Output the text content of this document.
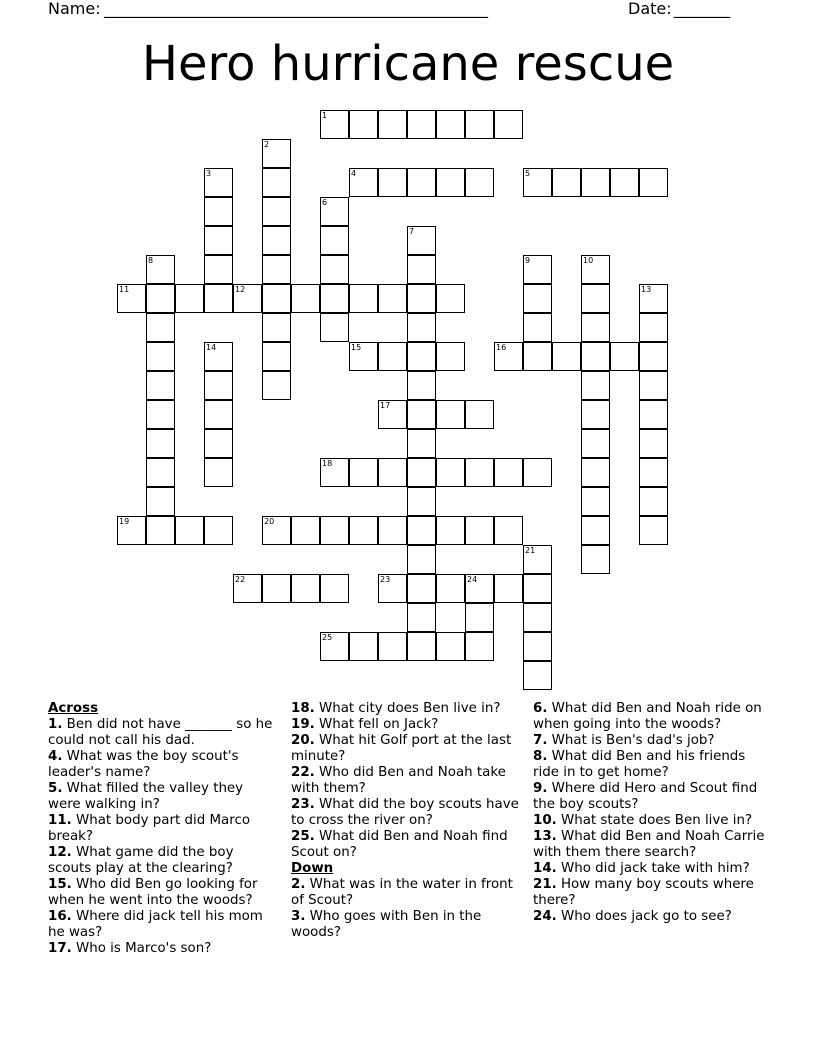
Name: ________________________________________________	Date: _______
Hero hurricane rescue
1
2
3	4	5
6
7
8	9	10
11	12	13
14	15	16
17
18
19	20
21
22	23	24
25
Across
1. Ben did not have _______ so he could not call his dad.
4. What was the boy scout's leader's name?
5. What filled the valley they were walking in?
11. What body part did Marco break?
12. What game did the boy scouts play at the clearing?
15. Who did Ben go looking for when he went into the woods?
16. Where did jack tell his mom he was?
17. Who is Marco's son?
18. What city does Ben live in?
19. What fell on Jack?
20. What hit Golf port at the last minute?
22. Who did Ben and Noah take with them?
23. What did the boy scouts have to cross the river on?
25. What did Ben and Noah find Scout on?
Down
2. What was in the water in front of Scout?
3. Who goes with Ben in the woods?
6. What did Ben and Noah ride on when going into the woods?
7. What is Ben's dad's job?
8. What did Ben and his friends ride in to get home?
9. Where did Hero and Scout find the boy scouts?
10. What state does Ben live in?
13. What did Ben and Noah Carrie with them there search?
14. Who did jack take with him?
21. How many boy scouts where there?
24. Who does jack go to see?
